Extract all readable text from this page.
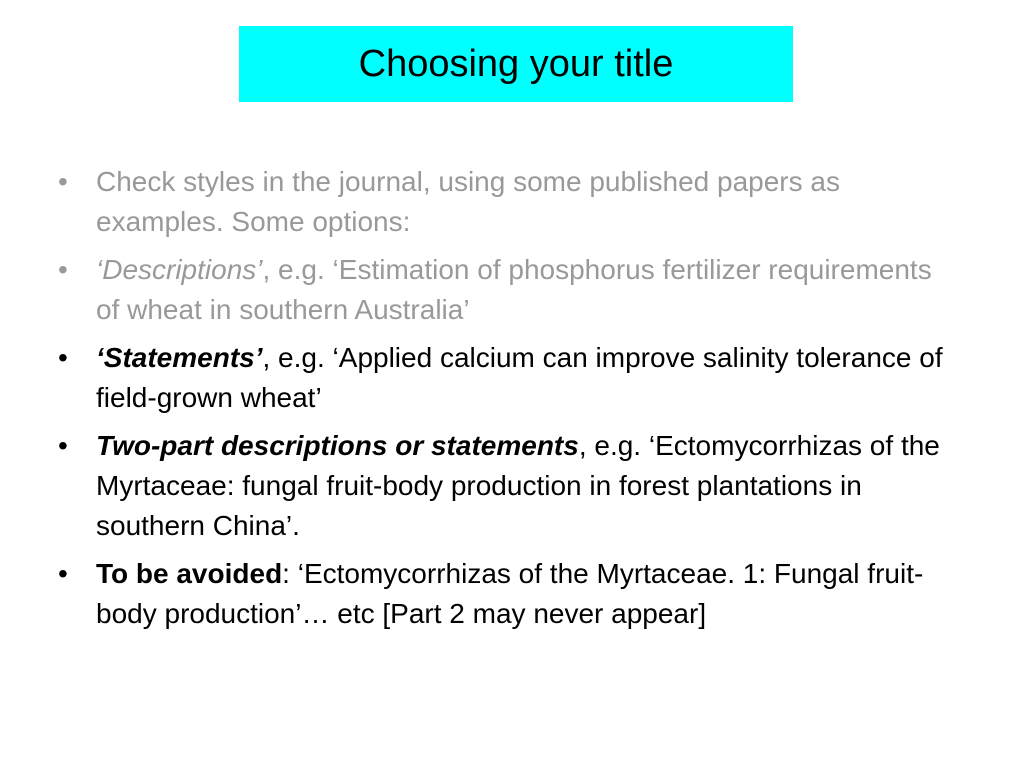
Choosing your title
• Check styles in the journal, using some published papers as examples. Some options:
• ‘Descriptions’, e.g. ‘Estimation of phosphorus fertilizer requirements of wheat in southern Australia’
• ‘Statements’, e.g. ‘Applied calcium can improve salinity tolerance of field-grown wheat’
• Two-part descriptions or statements, e.g. ‘Ectomycorrhizas of the Myrtaceae: fungal fruit-body production in forest plantations in southern China’.
• To be avoided: ‘Ectomycorrhizas of the Myrtaceae. 1: Fungal fruit-body production’… etc [Part 2 may never appear]
